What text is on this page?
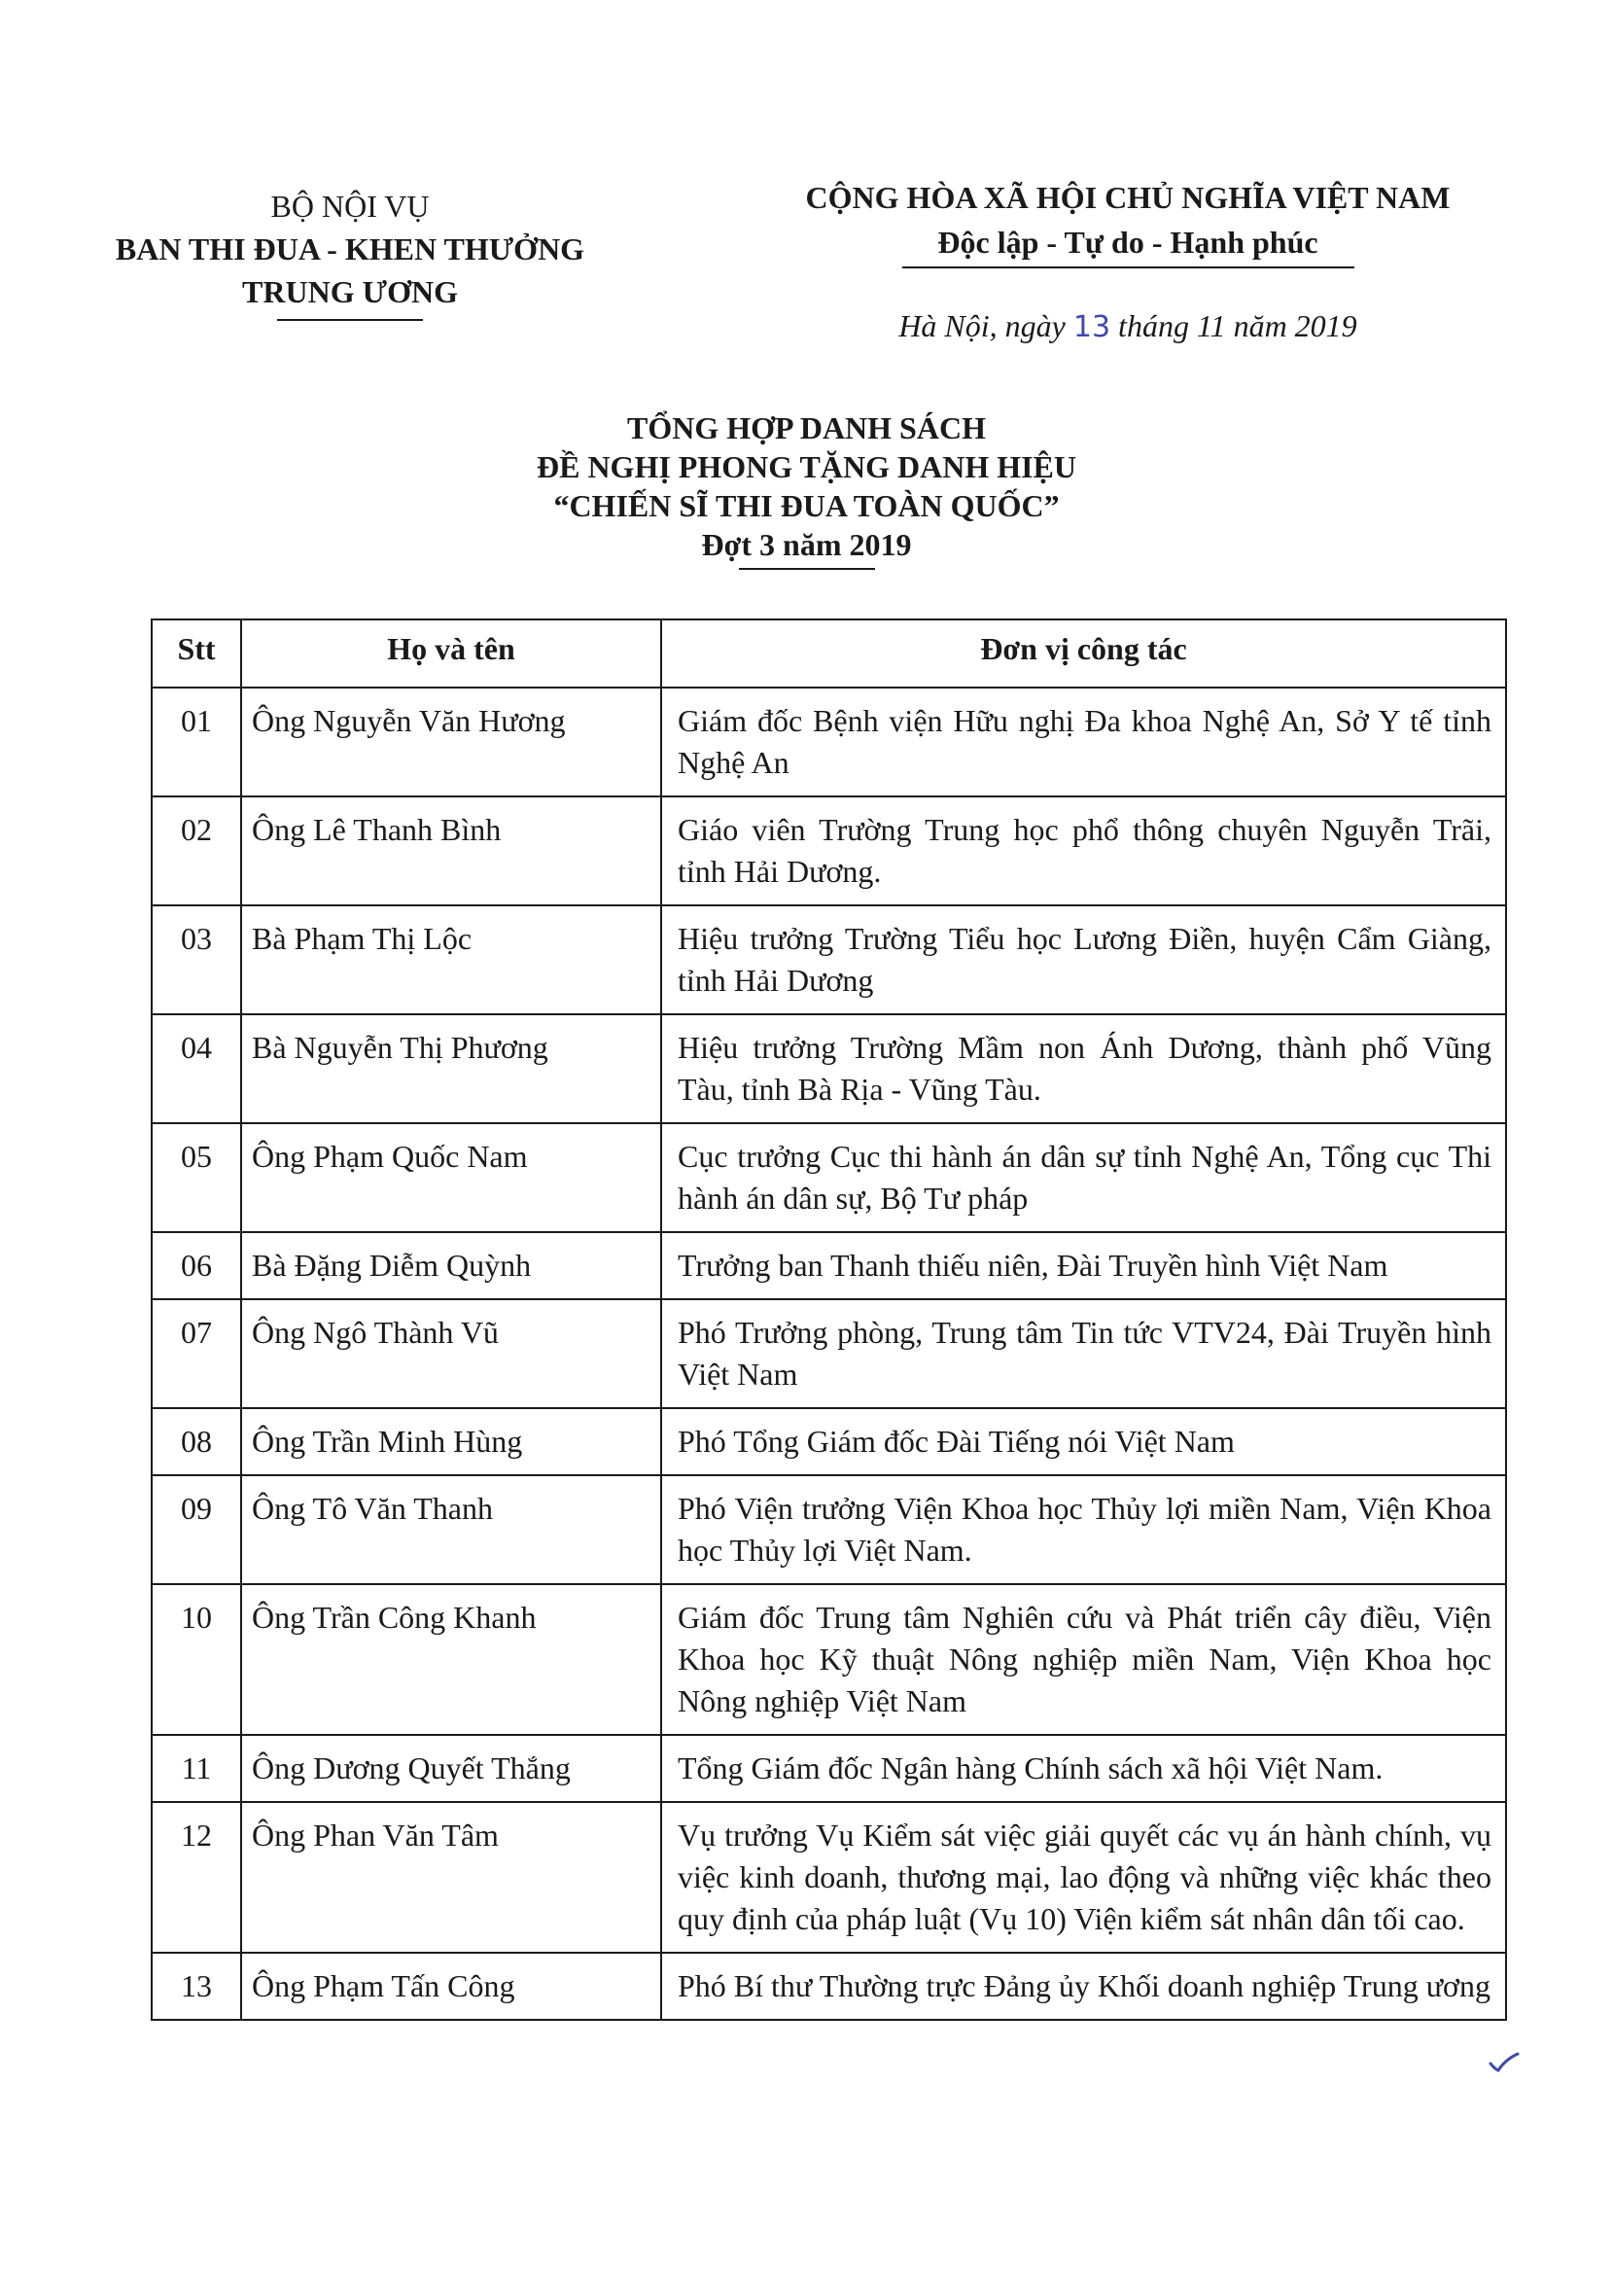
BỘ NỘI VỤ
BAN THI ĐUA - KHEN THƯỞNG
TRUNG ƯƠNG
CỘNG HÒA XÃ HỘI CHỦ NGHĨA VIỆT NAM
Độc lập - Tự do - Hạnh phúc
Hà Nội, ngày 13 tháng 11 năm 2019
TỔNG HỢP DANH SÁCH
ĐỀ NGHỊ PHONG TẶNG DANH HIỆU
“CHIẾN SĨ THI ĐUA TOÀN QUỐC”
Đợt 3 năm 2019
Stt	Họ và tên	Đơn vị công tác
01	Ông Nguyễn Văn Hương	Giám đốc Bệnh viện Hữu nghị Đa khoa Nghệ An, Sở Y tế tỉnh Nghệ An
02	Ông Lê Thanh Bình	Giáo viên Trường Trung học phổ thông chuyên Nguyễn Trãi, tỉnh Hải Dương.
03	Bà Phạm Thị Lộc	Hiệu trưởng Trường Tiểu học Lương Điền, huyện Cẩm Giàng, tỉnh Hải Dương
04	Bà Nguyễn Thị Phương	Hiệu trưởng Trường Mầm non Ánh Dương, thành phố Vũng Tàu, tỉnh Bà Rịa - Vũng Tàu.
05	Ông Phạm Quốc Nam	Cục trưởng Cục thi hành án dân sự tỉnh Nghệ An, Tổng cục Thi hành án dân sự, Bộ Tư pháp
06	Bà Đặng Diễm Quỳnh	Trưởng ban Thanh thiếu niên, Đài Truyền hình Việt Nam
07	Ông Ngô Thành Vũ	Phó Trưởng phòng, Trung tâm Tin tức VTV24, Đài Truyền hình Việt Nam
08	Ông Trần Minh Hùng	Phó Tổng Giám đốc Đài Tiếng nói Việt Nam
09	Ông Tô Văn Thanh	Phó Viện trưởng Viện Khoa học Thủy lợi miền Nam, Viện Khoa học Thủy lợi Việt Nam.
10	Ông Trần Công Khanh	Giám đốc Trung tâm Nghiên cứu và Phát triển cây điều, Viện Khoa học Kỹ thuật Nông nghiệp miền Nam, Viện Khoa học Nông nghiệp Việt Nam
11	Ông Dương Quyết Thắng	Tổng Giám đốc Ngân hàng Chính sách xã hội Việt Nam.
12	Ông Phan Văn Tâm	Vụ trưởng Vụ Kiểm sát việc giải quyết các vụ án hành chính, vụ việc kinh doanh, thương mại, lao động và những việc khác theo quy định của pháp luật (Vụ 10) Viện kiểm sát nhân dân tối cao.
13	Ông Phạm Tấn Công	Phó Bí thư Thường trực Đảng ủy Khối doanh nghiệp Trung ương
